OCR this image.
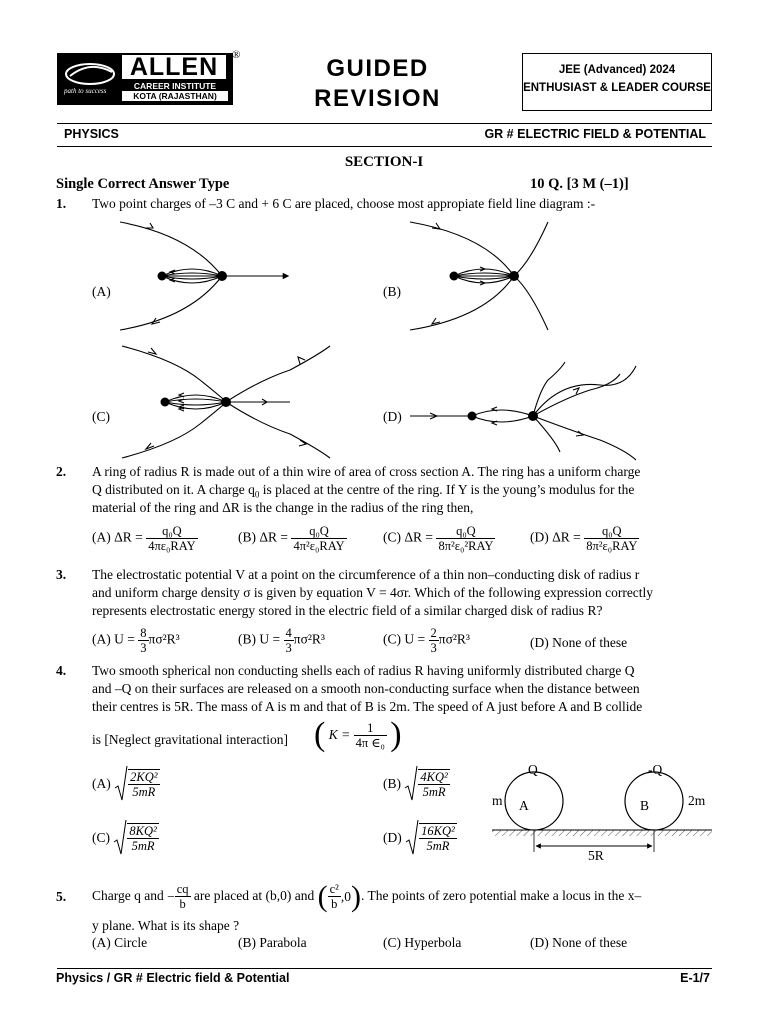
path to success
ALLEN
CAREER INSTITUTE
KOTA (RAJASTHAN)
®	GUIDED
REVISION
JEE (Advanced) 2024
ENTHUSIAST & LEADER COURSE
PHYSICS	GR # ELECTRIC FIELD & POTENTIAL
SECTION-I
Single Correct Answer Type	10 Q. [3 M (–1)]
1. Two point charges of –3 C and + 6 C are placed, choose most appropiate field line diagram :-
(A)	(B)
(C)	(D)
2. A ring of radius R is made out of a thin wire of area of cross section A. The ring has a uniform charge
Q distributed on it. A charge $q_0$ is placed at the centre of the ring. If Y is the young’s modulus for the
material of the ring and ΔR is the change in the radius of the ring then,
(A) $\Delta R = \frac{\text{q₀Q}}{\text{4πε₀RAY}}$	(B) $\Delta R = \frac{\text{q₀Q}}{\text{4π²ε₀RAY}}$	(C) $\Delta R = \frac{\text{q₀Q}}{\text{8π²ε₀²RAY}}$	(D) $\Delta R = \frac{\text{q₀Q}}{\text{8π²ε₀RAY}}$
3. The electrostatic potential V at a point on the circumference of a thin non–conducting disk of radius r
and uniform charge density σ is given by equation V = 4σr. Which of the following expression correctly
represents electrostatic energy stored in the electric field of a similar charged disk of radius R?
(A) $U = \frac{8}{3} \pi\sigma^2R^3$	(B) $U = \frac{4}{3} \pi\sigma^2R^3$	(C) $U = \frac{2}{3} \pi\sigma^2R^3$	(D) None of these
4. Two smooth spherical non conducting shells each of radius R having uniformly distributed charge Q
and –Q on their surfaces are released on a smooth non-conducting surface when the distance between
their centres is 5R. The mass of A is m and that of B is 2m. The speed of A just before A and B collide
is [Neglect gravitational interaction] ( $K = \frac{1}{\text{4π ∈₀}}$ )
$(A) \frac{\text{2KQ²}}{5mR}$	$(B) \frac{\text{4KQ²}}{5mR}$
$(C) \frac{\text{8KQ²}}{5mR}$	$(D) \frac{\text{16KQ²}}{5mR}$
Q	-Q
A	B
m	2m
5R
5. Charge q and − $\frac{cq}{b}$ are placed at (b,0) and ( $\frac{\text{c²}}{b} ,0$). The points of zero potential make a locus in the x–
y plane. What is its shape ?
(A) Circle	(B) Parabola	(C) Hyperbola	(D) None of these
Physics / GR # Electric field & Potential	E-1/7
